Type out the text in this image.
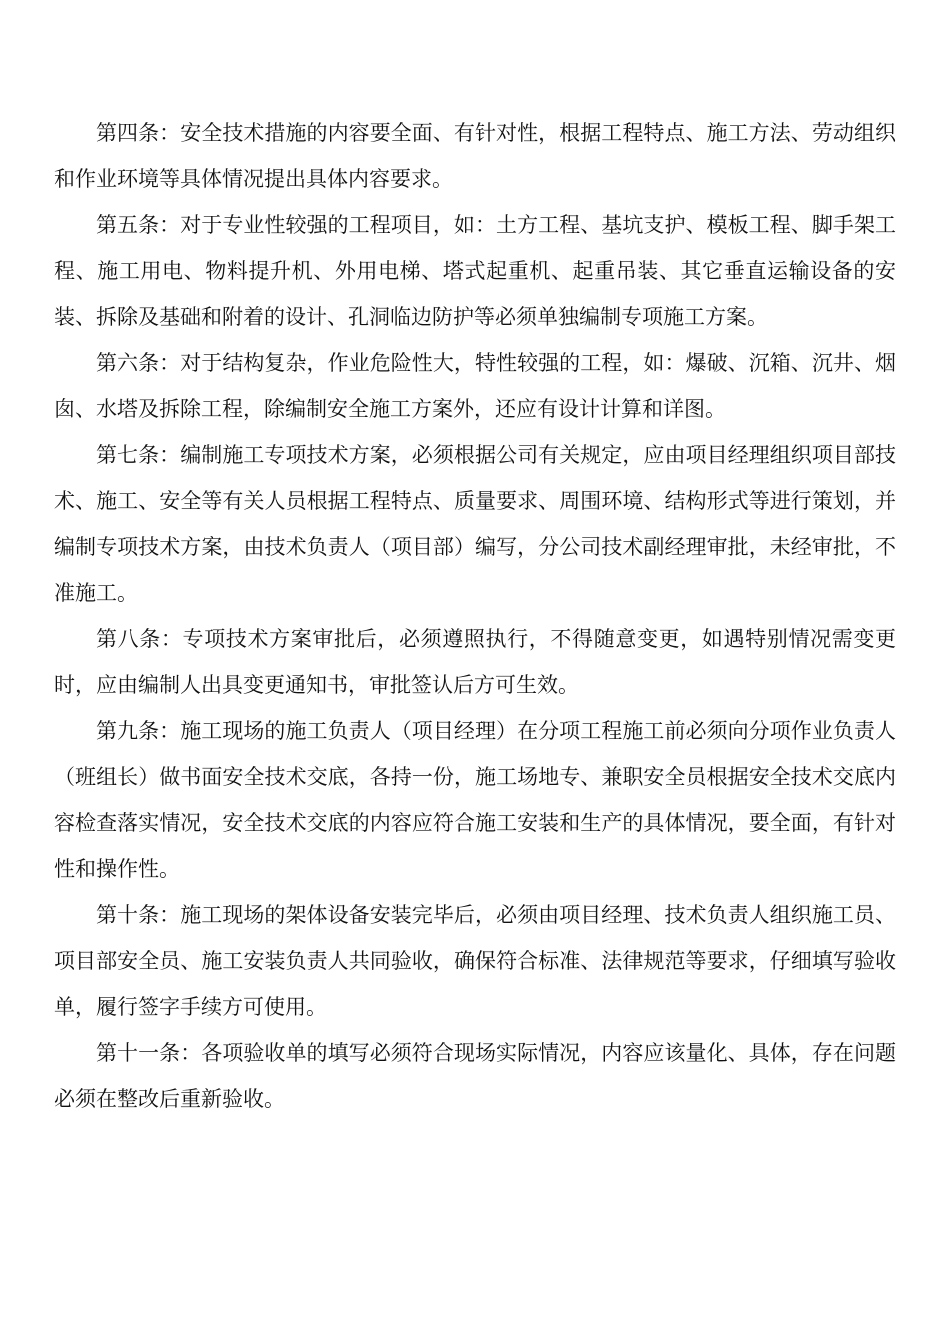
第四条：安全技术措施的内容要全面、有针对性，根据工程特点、施工方法、劳动组织和作业环境等具体情况提出具体内容要求。

第五条：对于专业性较强的工程项目，如：土方工程、基坑支护、模板工程、脚手架工程、施工用电、物料提升机、外用电梯、塔式起重机、起重吊装、其它垂直运输设备的安装、拆除及基础和附着的设计、孔洞临边防护等必须单独编制专项施工方案。

第六条：对于结构复杂，作业危险性大，特性较强的工程，如：爆破、沉箱、沉井、烟囱、水塔及拆除工程，除编制安全施工方案外，还应有设计计算和详图。

第七条：编制施工专项技术方案，必须根据公司有关规定，应由项目经理组织项目部技术、施工、安全等有关人员根据工程特点、质量要求、周围环境、结构形式等进行策划，并编制专项技术方案，由技术负责人（项目部）编写，分公司技术副经理审批，未经审批，不准施工。

第八条：专项技术方案审批后，必须遵照执行，不得随意变更，如遇特别情况需变更时，应由编制人出具变更通知书，审批签认后方可生效。

第九条：施工现场的施工负责人（项目经理）在分项工程施工前必须向分项作业负责人（班组长）做书面安全技术交底，各持一份，施工场地专、兼职安全员根据安全技术交底内容检查落实情况，安全技术交底的内容应符合施工安装和生产的具体情况，要全面，有针对性和操作性。

第十条：施工现场的架体设备安装完毕后，必须由项目经理、技术负责人组织施工员、项目部安全员、施工安装负责人共同验收，确保符合标准、法律规范等要求，仔细填写验收单，履行签字手续方可使用。

第十一条：各项验收单的填写必须符合现场实际情况，内容应该量化、具体，存在问题必须在整改后重新验收。
